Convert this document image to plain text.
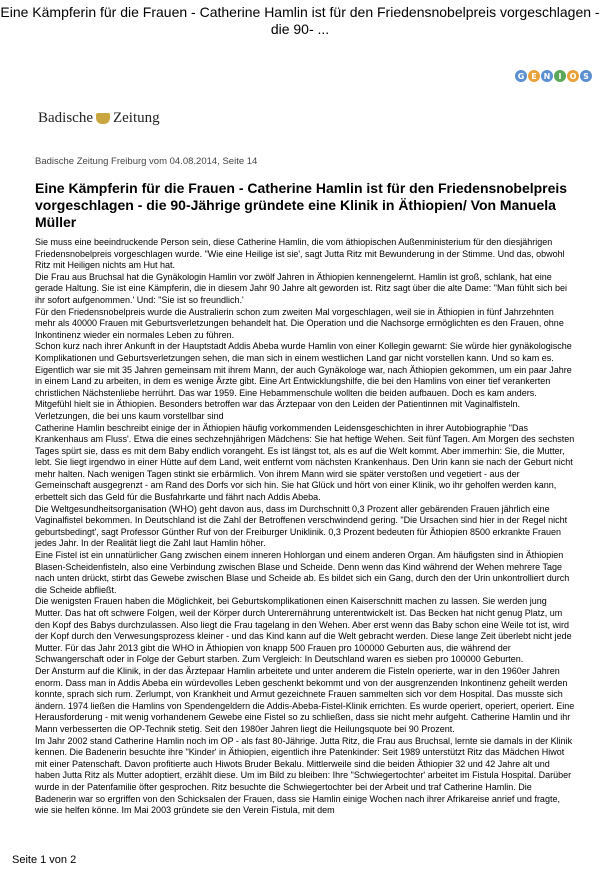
Eine Kämpferin für die Frauen - Catherine Hamlin ist für den Friedensnobelpreis vorgeschlagen - die 90- ...
G E N	I	O S
Badische Zeitung
Badische Zeitung Freiburg vom 04.08.2014, Seite 14
Eine Kämpferin für die Frauen - Catherine Hamlin ist für den Friedensnobelpreis vorgeschlagen - die 90-Jährige gründete eine Klinik in Äthiopien/ Von Manuela Müller

Sie muss eine beeindruckende Person sein, diese Catherine Hamlin, die vom äthiopischen Außenministerium für den diesjährigen Friedensnobelpreis vorgeschlagen wurde. "Wie eine Heilige ist sie', sagt Jutta Ritz mit Bewunderung in der Stimme. Und das, obwohl Ritz mit Heiligen nichts am Hut hat.

Die Frau aus Bruchsal hat die Gynäkologin Hamlin vor zwölf Jahren in Äthiopien kennengelernt. Hamlin ist groß, schlank, hat eine gerade Haltung. Sie ist eine Kämpferin, die in diesem Jahr 90 Jahre alt geworden ist. Ritz sagt über die alte Dame: "Man fühlt sich bei ihr sofort aufgenommen.' Und: "Sie ist so freundlich.'

Für den Friedensnobelpreis wurde die Australierin schon zum zweiten Mal vorgeschlagen, weil sie in Äthiopien in fünf Jahrzehnten mehr als 40000 Frauen mit Geburtsverletzungen behandelt hat. Die Operation und die Nachsorge ermöglichten es den Frauen, ohne Inkontinenz wieder ein normales Leben zu führen.

Schon kurz nach ihrer Ankunft in der Hauptstadt Addis Abeba wurde Hamlin von einer Kollegin gewarnt: Sie würde hier gynäkologische Komplikationen und Geburtsverletzungen sehen, die man sich in einem westlichen Land gar nicht vorstellen kann. Und so kam es. Eigentlich war sie mit 35 Jahren gemeinsam mit ihrem Mann, der auch Gynäkologe war, nach Äthiopien gekommen, um ein paar Jahre in einem Land zu arbeiten, in dem es wenige Ärzte gibt. Eine Art Entwicklungshilfe, die bei den Hamlins von einer tief verankerten christlichen Nächstenliebe herrührt. Das war 1959. Eine Hebammenschule wollten die beiden aufbauen. Doch es kam anders. Mitgefühl hielt sie in Äthiopien. Besonders betroffen war das Ärztepaar von den Leiden der Patientinnen mit Vaginalfisteln.

Verletzungen, die bei uns kaum vorstellbar sind

Catherine Hamlin beschreibt einige der in Äthiopien häufig vorkommenden Leidensgeschichten in ihrer Autobiographie "Das Krankenhaus am Fluss'. Etwa die eines sechzehnjährigen Mädchens: Sie hat heftige Wehen. Seit fünf Tagen. Am Morgen des sechsten Tages spürt sie, dass es mit dem Baby endlich vorangeht. Es ist längst tot, als es auf die Welt kommt. Aber immerhin: Sie, die Mutter, lebt. Sie liegt irgendwo in einer Hütte auf dem Land, weit entfernt vom nächsten Krankenhaus. Den Urin kann sie nach der Geburt nicht mehr halten. Nach wenigen Tagen stinkt sie erbärmlich. Von ihrem Mann wird sie später verstoßen und vegetiert - aus der Gemeinschaft ausgegrenzt - am Rand des Dorfs vor sich hin. Sie hat Glück und hört von einer Klinik, wo ihr geholfen werden kann, erbettelt sich das Geld für die Busfahrkarte und fährt nach Addis Abeba.

Die Weltgesundheitsorganisation (WHO) geht davon aus, dass im Durchschnitt 0,3 Prozent aller gebärenden Frauen jährlich eine Vaginalfistel bekommen. In Deutschland ist die Zahl der Betroffenen verschwindend gering. "Die Ursachen sind hier in der Regel nicht geburtsbedingt', sagt Professor Günther Ruf von der Freiburger Uniklinik. 0,3 Prozent bedeuten für Äthiopien 8500 erkrankte Frauen jedes Jahr. In der Realität liegt die Zahl laut Hamlin höher.

Eine Fistel ist ein unnatürlicher Gang zwischen einem inneren Hohlorgan und einem anderen Organ. Am häufigsten sind in Äthiopien Blasen-Scheidenfisteln, also eine Verbindung zwischen Blase und Scheide. Denn wenn das Kind während der Wehen mehrere Tage nach unten drückt, stirbt das Gewebe zwischen Blase und Scheide ab. Es bildet sich ein Gang, durch den der Urin unkontrolliert durch die Scheide abfließt.

Die wenigsten Frauen haben die Möglichkeit, bei Geburtskomplikationen einen Kaiserschnitt machen zu lassen. Sie werden jung Mutter. Das hat oft schwere Folgen, weil der Körper durch Unterernährung unterentwickelt ist. Das Becken hat nicht genug Platz, um den Kopf des Babys durchzulassen. Also liegt die Frau tagelang in den Wehen. Aber erst wenn das Baby schon eine Weile tot ist, wird der Kopf durch den Verwesungsprozess kleiner - und das Kind kann auf die Welt gebracht werden. Diese lange Zeit überlebt nicht jede Mutter. Für das Jahr 2013 gibt die WHO in Äthiopien von knapp 500 Frauen pro 100000 Geburten aus, die während der Schwangerschaft oder in Folge der Geburt starben. Zum Vergleich: In Deutschland waren es sieben pro 100000 Geburten.

Der Ansturm auf die Klinik, in der das Ärztepaar Hamlin arbeitete und unter anderem die Fisteln operierte, war in den 1960er Jahren enorm. Dass man in Addis Abeba ein würdevolles Leben geschenkt bekommt und von der ausgrenzenden Inkontinenz geheilt werden konnte, sprach sich rum. Zerlumpt, von Krankheit und Armut gezeichnete Frauen sammelten sich vor dem Hospital. Das musste sich ändern. 1974 ließen die Hamlins von Spendengeldern die Addis-Abeba-Fistel-Klinik errichten. Es wurde operiert, operiert, operiert. Eine Herausforderung - mit wenig vorhandenem Gewebe eine Fistel so zu schließen, dass sie nicht mehr aufgeht. Catherine Hamlin und ihr Mann verbesserten die OP-Technik stetig. Seit den 1980er Jahren liegt die Heilungsquote bei 90 Prozent.

Im Jahr 2002 stand Catherine Hamlin noch im OP - als fast 80-Jährige. Jutta Ritz, die Frau aus Bruchsal, lernte sie damals in der Klinik kennen. Die Badenerin besuchte ihre "Kinder' in Äthiopien, eigentlich ihre Patenkinder: Seit 1989 unterstützt Ritz das Mädchen Hiwot mit einer Patenschaft. Davon profitierte auch Hiwots Bruder Bekalu. Mittlerweile sind die beiden Äthiopier 32 und 42 Jahre alt und haben Jutta Ritz als Mutter adoptiert, erzählt diese. Um im Bild zu bleiben: Ihre "Schwiegertochter' arbeitet im Fistula Hospital. Darüber wurde in der Patenfamilie öfter gesprochen. Ritz besuchte die Schwiegertochter bei der Arbeit und traf Catherine Hamlin. Die Badenerin war so ergriffen von den Schicksalen der Frauen, dass sie Hamlin einige Wochen nach ihrer Afrikareise anrief und fragte, wie sie helfen könne. Im Mai 2003 gründete sie den Verein Fistula, mit dem

Seite 1 von 2
